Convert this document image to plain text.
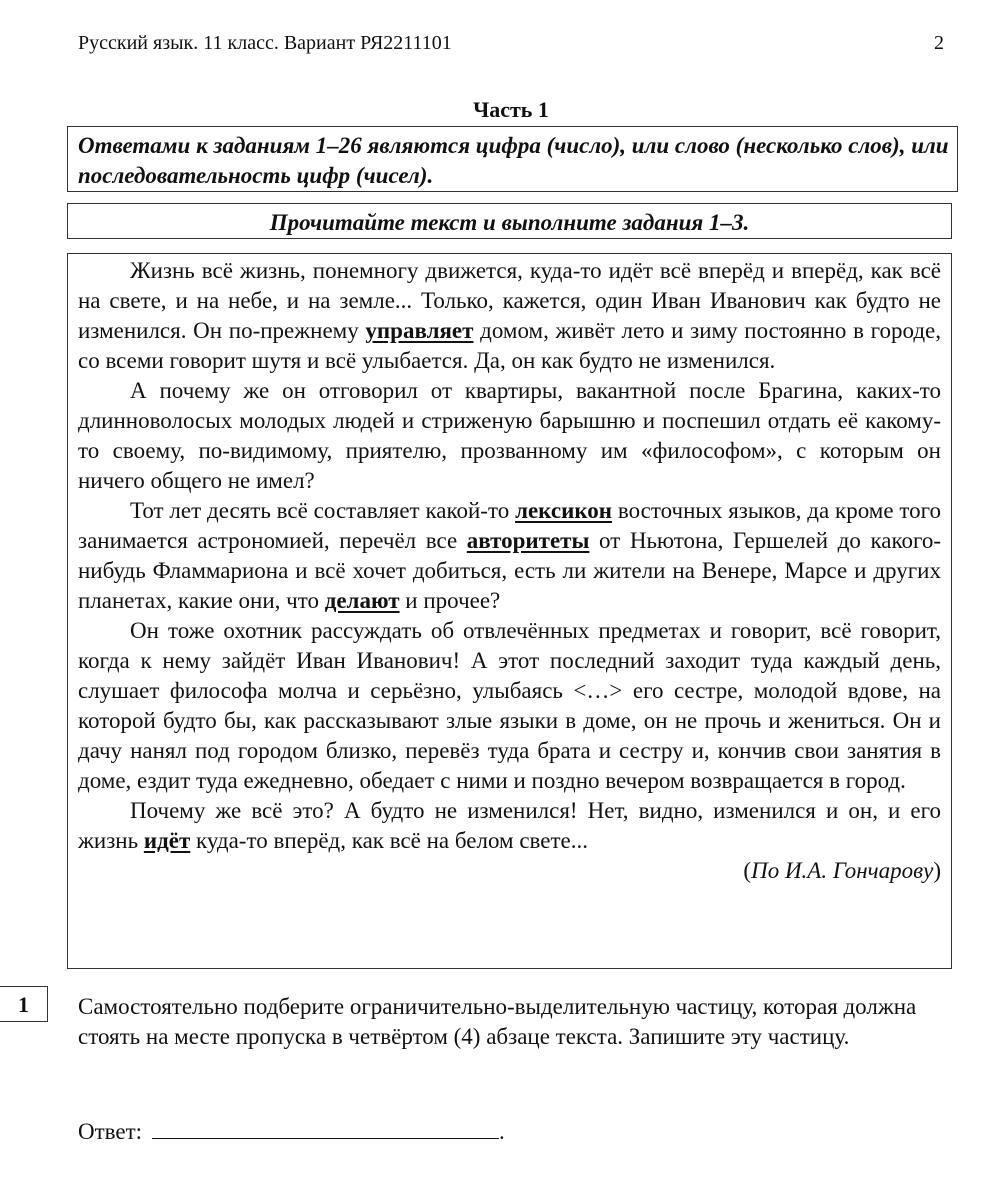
Русский язык. 11 класс. Вариант РЯ2211101	2
Часть 1
Ответами к заданиям 1–26 являются цифра (число), или слово (несколько слов), или последовательность цифр (чисел).
Прочитайте текст и выполните задания 1–3.

Жизнь всё жизнь, понемногу движется, куда-то идёт всё вперёд и вперёд, как всё на свете, и на небе, и на земле... Только, кажется, один Иван Иванович как будто не изменился. Он по-прежнему управляет домом, живёт лето и зиму постоянно в городе, со всеми говорит шутя и всё улыбается. Да, он как будто не изменился.

А почему же он отговорил от квартиры, вакантной после Брагина, каких-то длинноволосых молодых людей и стриженую барышню и поспешил отдать её какому-то своему, по-видимому, приятелю, прозванному им «философом», с которым он ничего общего не имел?

Тот лет десять всё составляет какой-то лексикон восточных языков, да кроме того занимается астрономией, перечёл все авторитеты от Ньютона, Гершелей до какого-нибудь Фламмариона и всё хочет добиться, есть ли жители на Венере, Марсе и других планетах, какие они, что делают и прочее?

Он тоже охотник рассуждать об отвлечённых предметах и говорит, всё говорит, когда к нему зайдёт Иван Иванович! А этот последний заходит туда каждый день, слушает философа молча и серьёзно, улыбаясь <…> его сестре, молодой вдове, на которой будто бы, как рассказывают злые языки в доме, он не прочь и жениться. Он и дачу нанял под городом близко, перевёз туда брата и сестру и, кончив свои занятия в доме, ездит туда ежедневно, обедает с ними и поздно вечером возвращается в город.

Почему же всё это? А будто не изменился! Нет, видно, изменился и он, и его жизнь идёт куда-то вперёд, как всё на белом свете...

(По И.А. Гончарову)
1	Самостоятельно подберите ограничительно-выделительную частицу, которая должна стоять на месте пропуска в четвёртом (4) абзаце текста. Запишите эту частицу.
Ответ:	.
